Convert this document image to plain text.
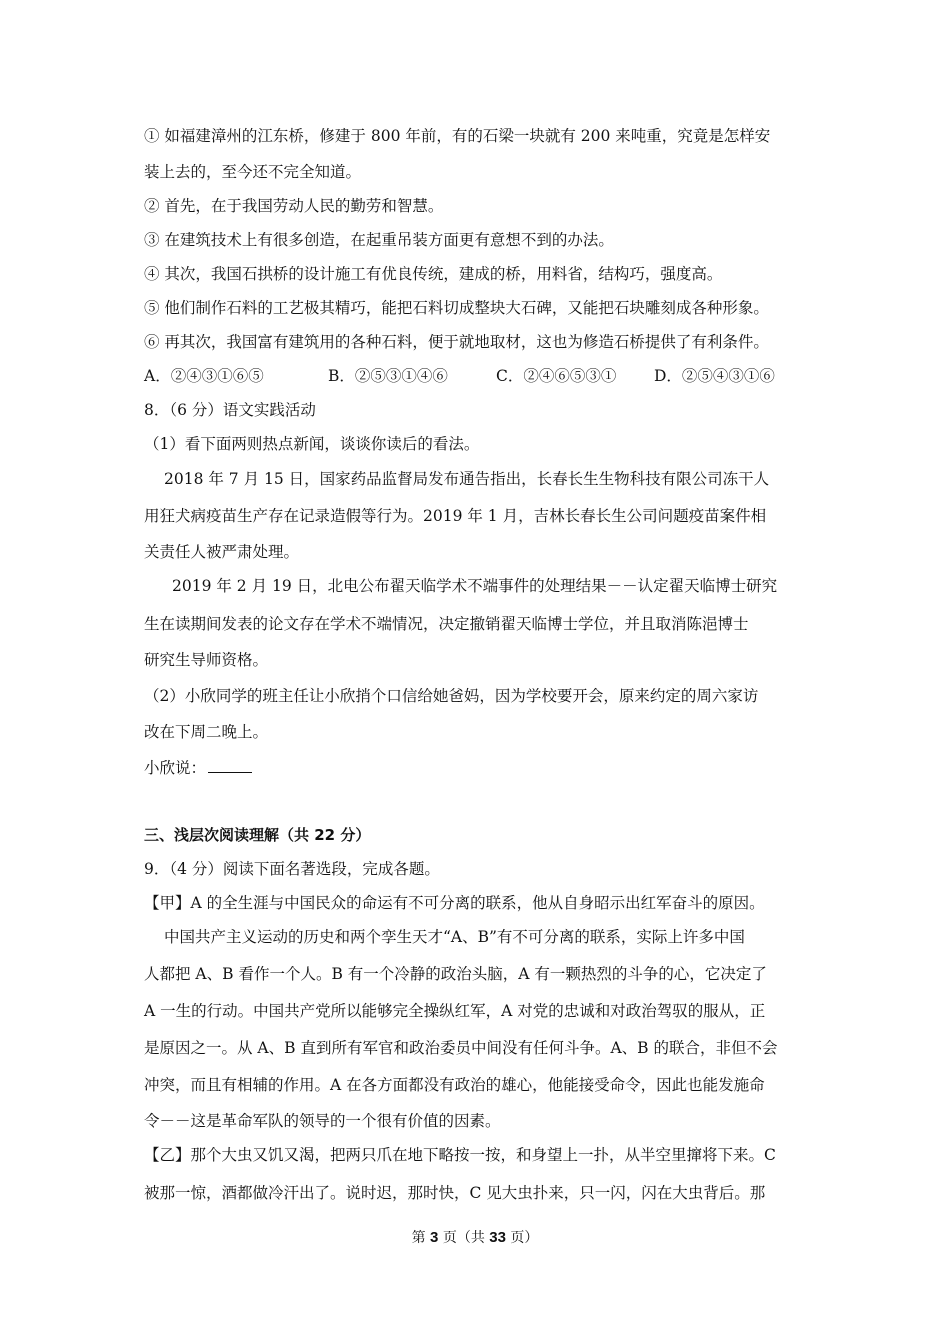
① 如福建漳州的江东桥，修建于 800 年前，有的石梁一块就有 200 来吨重，究竟是怎样安
装上去的，至今还不完全知道。
② 首先，在于我国劳动人民的勤劳和智慧。
③ 在建筑技术上有很多创造，在起重吊装方面更有意想不到的办法。
④ 其次，我国石拱桥的设计施工有优良传统，建成的桥，用料省，结构巧，强度高。
⑤ 他们制作石料的工艺极其精巧，能把石料切成整块大石碑，又能把石块雕刻成各种形象。
⑥ 再其次，我国富有建筑用的各种石料，便于就地取材，这也为修造石桥提供了有利条件。
A．②④③①⑥⑤	B．②⑤③①④⑥	C．②④⑥⑤③① D．②⑤④③①⑥
8．（6 分）语文实践活动
（1）看下面两则热点新闻，谈谈你读后的看法。
2018 年 7 月 15 日，国家药品监督局发布通告指出，长春长生生物科技有限公司冻干人
用狂犬病疫苗生产存在记录造假等行为。2019 年 1 月，吉林长春长生公司问题疫苗案件相
关责任人被严肃处理。
2019 年 2 月 19 日，北电公布翟天临学术不端事件的处理结果－－认定翟天临博士研究
生在读期间发表的论文存在学术不端情况，决定撤销翟天临博士学位，并且取消陈浥博士
研究生导师资格。
（2）小欣同学的班主任让小欣捎个口信给她爸妈，因为学校要开会，原来约定的周六家访
改在下周二晚上。
小欣说：
三、浅层次阅读理解（共 22 分）
9．（4 分）阅读下面名著选段，完成各题。
【甲】A 的全生涯与中国民众的命运有不可分离的联系，他从自身昭示出红军奋斗的原因。
中国共产主义运动的历史和两个孪生天才“A、B”有不可分离的联系，实际上许多中国
人都把 A、B 看作一个人。B 有一个冷静的政治头脑，A 有一颗热烈的斗争的心，它决定了
A 一生的行动。中国共产党所以能够完全操纵红军，A 对党的忠诚和对政治驾驭的服从，正
是原因之一。从 A、B 直到所有军官和政治委员中间没有任何斗争。A、B 的联合，非但不会
冲突，而且有相辅的作用。A 在各方面都没有政治的雄心，他能接受命令，因此也能发施命
令－－这是革命军队的领导的一个很有价值的因素。
【乙】那个大虫又饥又渴，把两只爪在地下略按一按，和身望上一扑，从半空里撺将下来。C
被那一惊，酒都做冷汗出了。说时迟，那时快，C 见大虫扑来，只一闪，闪在大虫背后。那
第 3 页（共 33 页）
